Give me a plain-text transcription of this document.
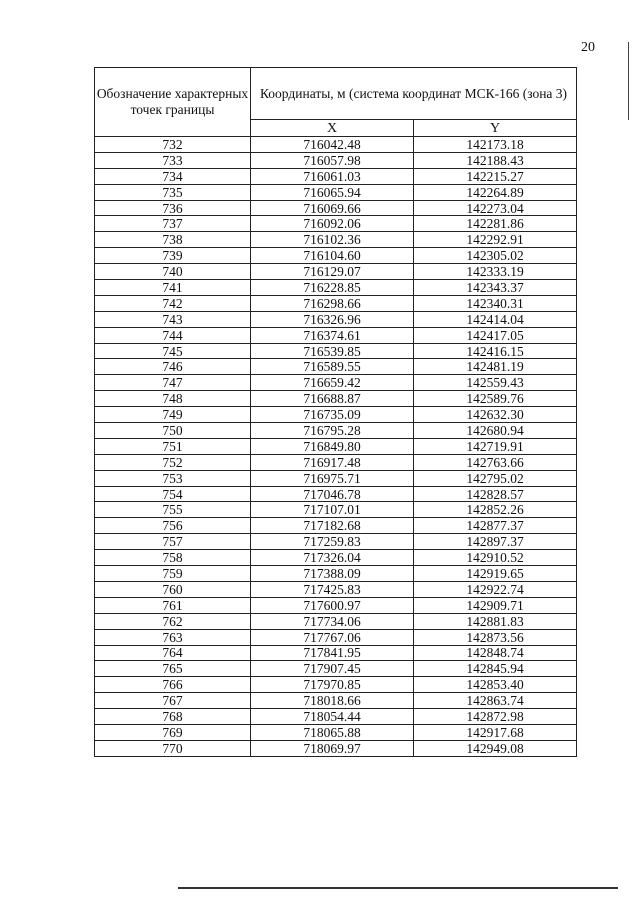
20
Обозначение характерных точек границы	Координаты, м (система координат МСК-166 (зона 3)	
	X	Y
732	716042.48	142173.18
733	716057.98	142188.43
734	716061.03	142215.27
735	716065.94	142264.89
736	716069.66	142273.04
737	716092.06	142281.86
738	716102.36	142292.91
739	716104.60	142305.02
740	716129.07	142333.19
741	716228.85	142343.37
742	716298.66	142340.31
743	716326.96	142414.04
744	716374.61	142417.05
745	716539.85	142416.15
746	716589.55	142481.19
747	716659.42	142559.43
748	716688.87	142589.76
749	716735.09	142632.30
750	716795.28	142680.94
751	716849.80	142719.91
752	716917.48	142763.66
753	716975.71	142795.02
754	717046.78	142828.57
755	717107.01	142852.26
756	717182.68	142877.37
757	717259.83	142897.37
758	717326.04	142910.52
759	717388.09	142919.65
760	717425.83	142922.74
761	717600.97	142909.71
762	717734.06	142881.83
763	717767.06	142873.56
764	717841.95	142848.74
765	717907.45	142845.94
766	717970.85	142853.40
767	718018.66	142863.74
768	718054.44	142872.98
769	718065.88	142917.68
770	718069.97	142949.08
